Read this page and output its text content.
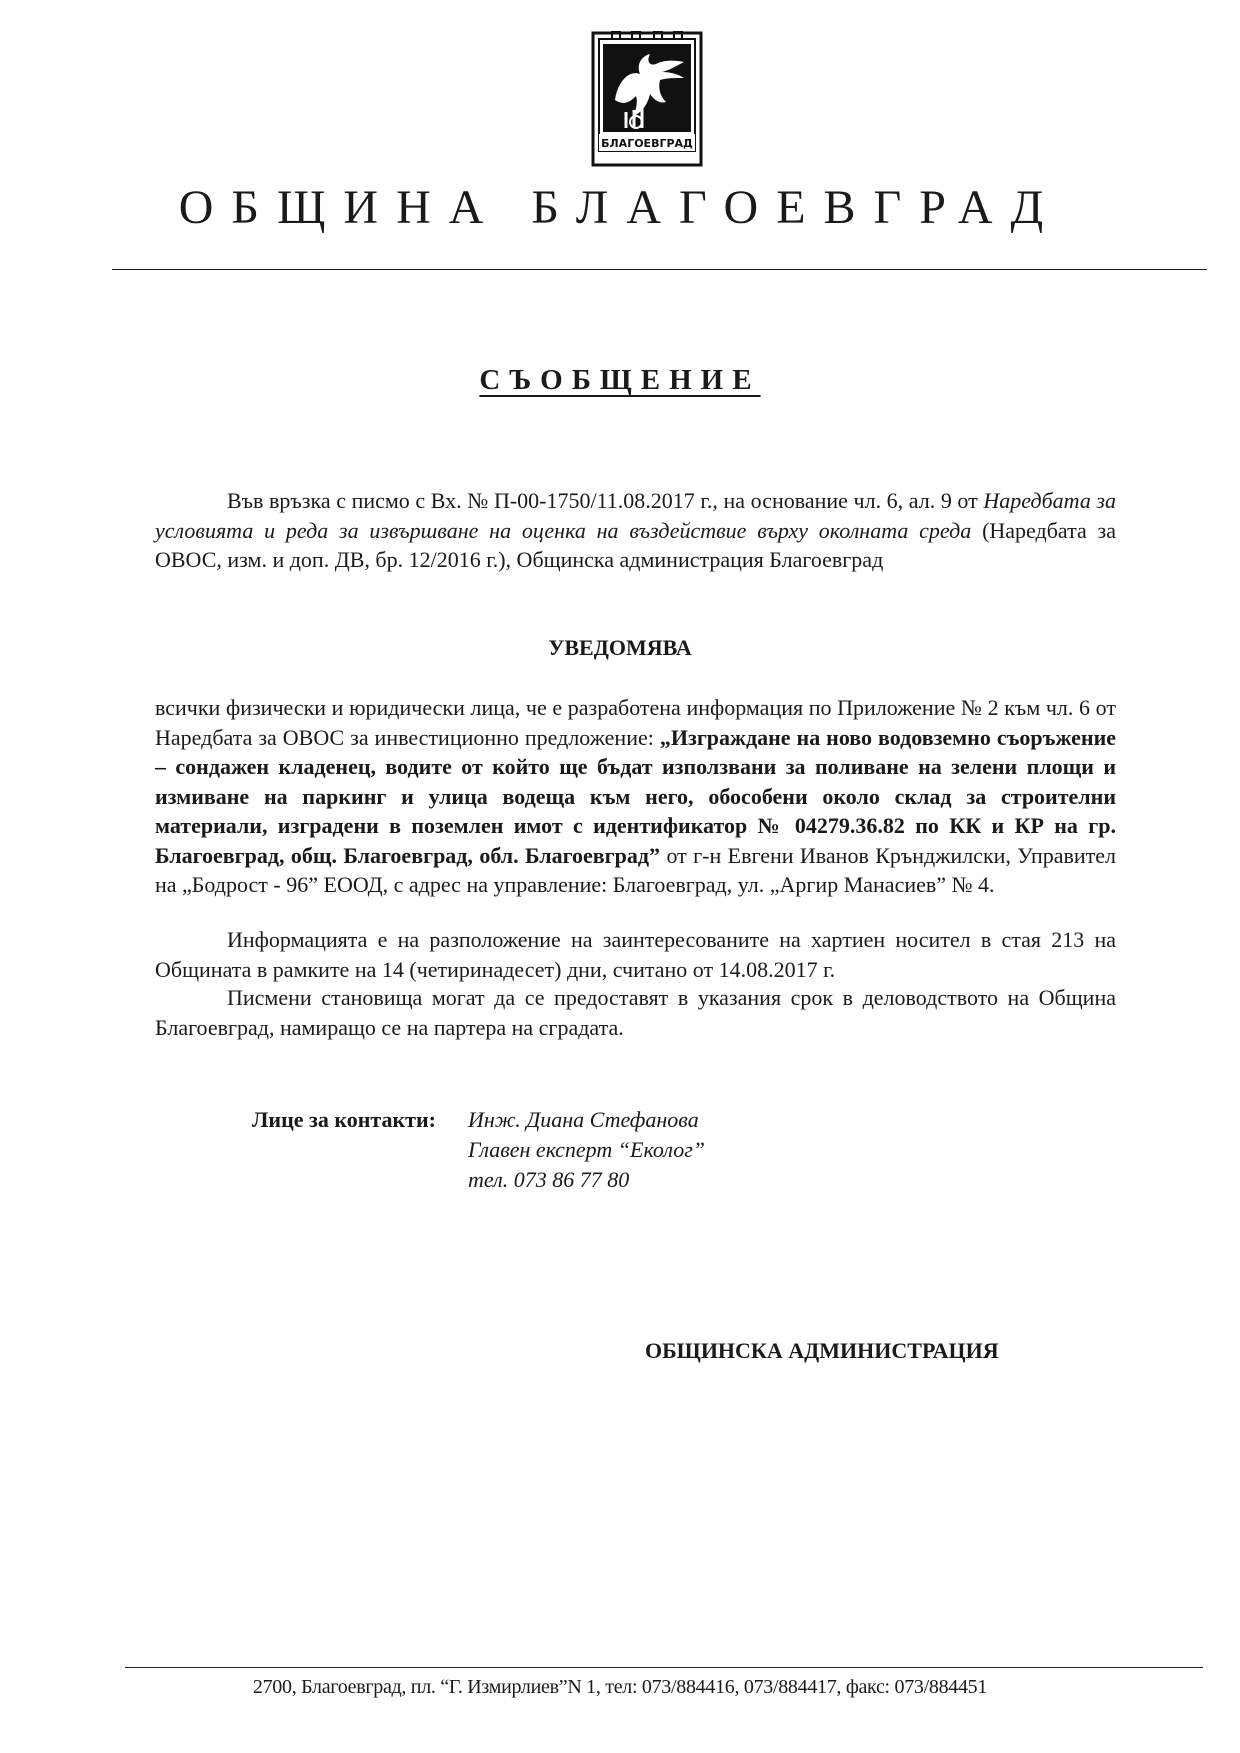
БЛАГОЕВГРАД
ОБЩИНА БЛАГОЕВГРАД
СЪОБЩЕНИЕ

Във връзка с писмо с Вх. № П-00-1750/11.08.2017 г., на основание чл. 6, ал. 9 от Наредбата за условията и реда за извършване на оценка на въздействие върху околната среда (Наредбата за ОВОС, изм. и доп. ДВ, бр. 12/2016 г.), Общинска администрация Благоевград

УВЕДОМЯВА

всички физически и юридически лица, че е разработена информация по Приложение № 2 към чл. 6 от Наредбата за ОВОС за инвестиционно предложение: „Изграждане на ново водовземно съоръжение – сондажен кладенец, водите от който ще бъдат използвани за поливане на зелени площи и измиване на паркинг и улица водеща към него, обособени около склад за строителни материали, изградени в поземлен имот с идентификатор № 04279.36.82 по КК и КР на гр. Благоевград, общ. Благоевград, обл. Благоевград” от г-н Евгени Иванов Крънджилски, Управител на „Бодрост - 96” ЕООД, с адрес на управление: Благоевград, ул. „Аргир Манасиев” № 4.

Информацията е на разположение на заинтересованите на хартиен носител в стая 213 на Общината в рамките на 14 (четиринадесет) дни, считано от 14.08.2017 г.

Писмени становища могат да се предоставят в указания срок в деловодството на Община Благоевград, намиращо се на партера на сградата.

Лице за контакти: Инж. Диана Стефанова
Главен експерт “Еколог”
тел. 073 86 77 80
ОБЩИНСКА АДМИНИСТРАЦИЯ
2700, Благоевград, пл. “Г. Измирлиев”N 1, тел: 073/884416, 073/884417, факс: 073/884451
